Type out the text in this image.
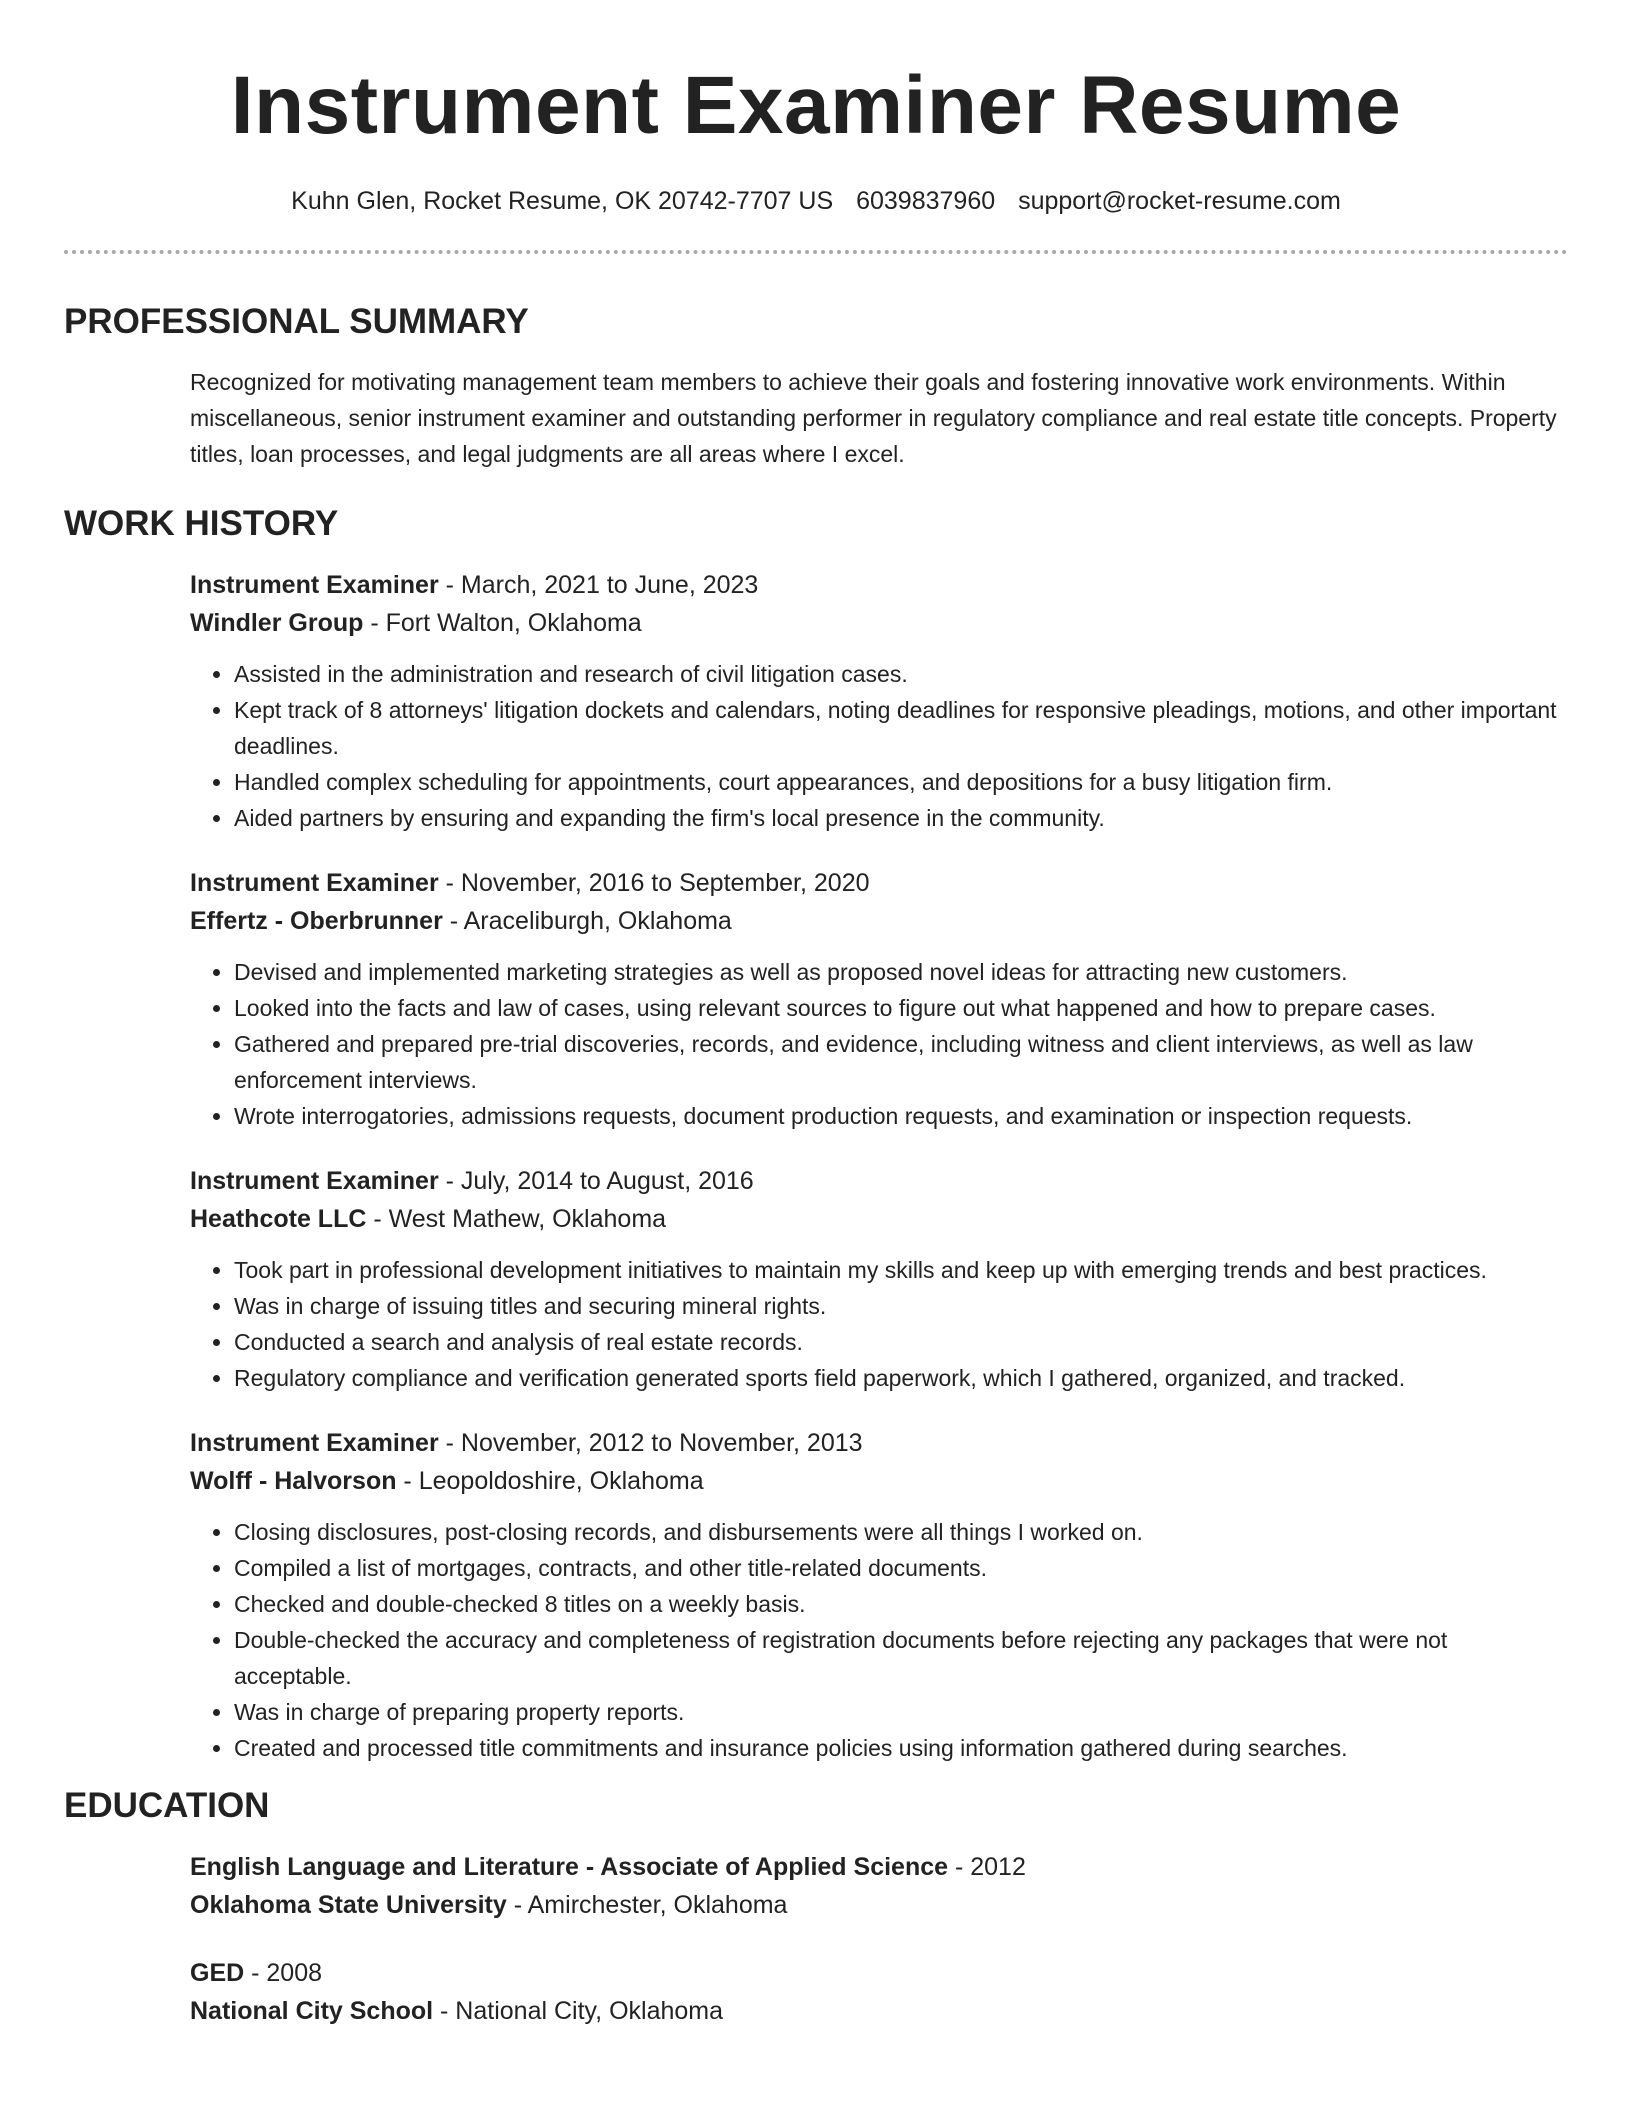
Instrument Examiner Resume
Kuhn Glen, Rocket Resume, OK 20742-7707 US 6039837960 support@rocket-resume.com
PROFESSIONAL SUMMARY

Recognized for motivating management team members to achieve their goals and fostering innovative work environments. Within miscellaneous, senior instrument examiner and outstanding performer in regulatory compliance and real estate title concepts. Property titles, loan processes, and legal judgments are all areas where I excel.

WORK HISTORY

Instrument Examiner - March, 2021 to June, 2023

Windler Group - Fort Walton, Oklahoma

• Assisted in the administration and research of civil litigation cases.
• Kept track of 8 attorneys' litigation dockets and calendars, noting deadlines for responsive pleadings, motions, and other important deadlines.
• Handled complex scheduling for appointments, court appearances, and depositions for a busy litigation firm.
• Aided partners by ensuring and expanding the firm's local presence in the community.

Instrument Examiner - November, 2016 to September, 2020

Effertz - Oberbrunner - Araceliburgh, Oklahoma

• Devised and implemented marketing strategies as well as proposed novel ideas for attracting new customers.
• Looked into the facts and law of cases, using relevant sources to figure out what happened and how to prepare cases.
• Gathered and prepared pre-trial discoveries, records, and evidence, including witness and client interviews, as well as law enforcement interviews.
• Wrote interrogatories, admissions requests, document production requests, and examination or inspection requests.

Instrument Examiner - July, 2014 to August, 2016

Heathcote LLC - West Mathew, Oklahoma

• Took part in professional development initiatives to maintain my skills and keep up with emerging trends and best practices.
• Was in charge of issuing titles and securing mineral rights.
• Conducted a search and analysis of real estate records.
• Regulatory compliance and verification generated sports field paperwork, which I gathered, organized, and tracked.

Instrument Examiner - November, 2012 to November, 2013

Wolff - Halvorson - Leopoldoshire, Oklahoma

• Closing disclosures, post-closing records, and disbursements were all things I worked on.
• Compiled a list of mortgages, contracts, and other title-related documents.
• Checked and double-checked 8 titles on a weekly basis.
• Double-checked the accuracy and completeness of registration documents before rejecting any packages that were not acceptable.
• Was in charge of preparing property reports.
• Created and processed title commitments and insurance policies using information gathered during searches.
EDUCATION

English Language and Literature - Associate of Applied Science - 2012

Oklahoma State University - Amirchester, Oklahoma

GED - 2008

National City School - National City, Oklahoma
